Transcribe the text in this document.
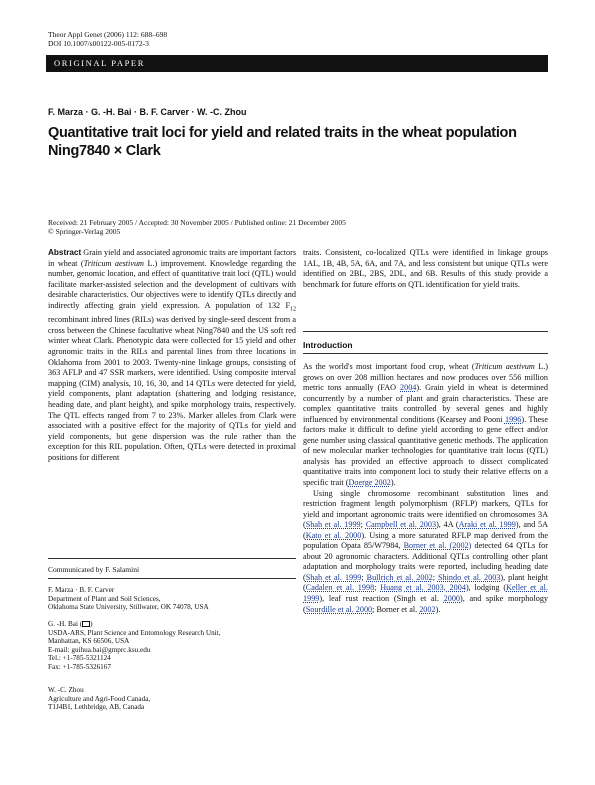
Theor Appl Genet (2006) 112: 688–698
DOI 10.1007/s00122-005-0172-3
ORIGINAL PAPER
F. Marza · G. -H. Bai · B. F. Carver · W. -C. Zhou
Quantitative trait loci for yield and related traits in the wheat population
Ning7840 × Clark
Received: 21 February 2005 / Accepted: 30 November 2005 / Published online: 21 December 2005
© Springer-Verlag 2005

Abstract Grain yield and associated agronomic traits are important factors in wheat (Triticum aestivum L.) improvement. Knowledge regarding the number, genomic location, and effect of quantitative trait loci (QTL) would facilitate marker-assisted selection and the development of cultivars with desirable characteristics. Our objectives were to identify QTLs directly and indirectly affecting grain yield expression. A population of 132 $F_{12}$ recombinant inbred lines (RILs) was derived by single-seed descent from a cross between the Chinese facultative wheat Ning7840 and the US soft red winter wheat Clark. Phenotypic data were collected for 15 yield and other agronomic traits in the RILs and parental lines from three locations in Oklahoma from 2001 to 2003. Twenty-nine linkage groups, consisting of 363 AFLP and 47 SSR markers, were identified. Using composite interval mapping (CIM) analysis, 10, 16, 30, and 14 QTLs were detected for yield, yield components, plant adaptation (shattering and lodging resistance, heading date, and plant height), and spike morphology traits, respectively. The QTL effects ranged from 7 to 23%. Marker alleles from Clark were associated with a positive effect for the majority of QTLs for yield and yield components, but gene dispersion was the rule rather than the exception for this RIL population. Often, QTLs were detected in proximal positions for different

traits. Consistent, co-localized QTLs were identified in linkage groups 1AL, 1B, 4B, 5A, 6A, and 7A, and less consistent but unique QTLs were identified on 2BL, 2BS, 2DL, and 6B. Results of this study provide a benchmark for future efforts on QTL identification for yield traits.

Introduction

As the world's most important food crop, wheat (Triticum aestivum L.) grows on over 208 million hectares and now produces over 556 million metric tons annually (FAO 2004). Grain yield in wheat is determined concurrently by a number of plant and grain characteristics. These are complex quantitative traits controlled by several genes and highly influenced by environmental conditions (Kearsey and Pooni 1996). These factors make it difficult to define yield according to gene effect and/or gene number using classical quantitative genetic methods. The application of new molecular marker technologies for quantitative trait locus (QTL) analysis has provided an effective approach to dissect complicated quantitative traits into component loci to study their relative effects on a specific trait (Doerge 2002).

Using single chromosome recombinant substitution lines and restriction fragment length polymorphism (RFLP) markers, QTLs for yield and important agronomic traits were identified on chromosomes 3A (Shah et al. 1999; Campbell et al. 2003), 4A (Araki et al. 1999), and 5A (Kato et al. 2000). Using a more saturated RFLP map derived from the population Opata 85/W7984, Borner et al. (2002) detected 64 QTLs for about 20 agronomic characters. Additional QTLs controlling other plant adaptation and morphology traits were reported, including heading date (Shah et al. 1999; Bullrich et al. 2002; Shindo et al. 2003), plant height (Cadalen et al. 1998; Huang et al. 2003, 2004), lodging (Keller et al. 1999), leaf rust reaction (Singh et al. 2000), and spike morphology (Sourdille et al. 2000; Borner et al. 2002).

Communicated by F. Salamini
F. Marza · B. F. Carver
Department of Plant and Soil Sciences,
Oklahoma State University, Stillwater, OK 74078, USA
G. -H. Bai ( )
USDA-ARS, Plant Science and Entomology Research Unit,
Manhattan, KS 66506, USA
E-mail: guihua.bai@gmprc.ksu.edu
Tel.: +1-785-5321124
Fax: +1-785-5326167
W. -C. Zhou
Agriculture and Agri-Food Canada,
T1J4B1, Lethbridge, AB, Canada
